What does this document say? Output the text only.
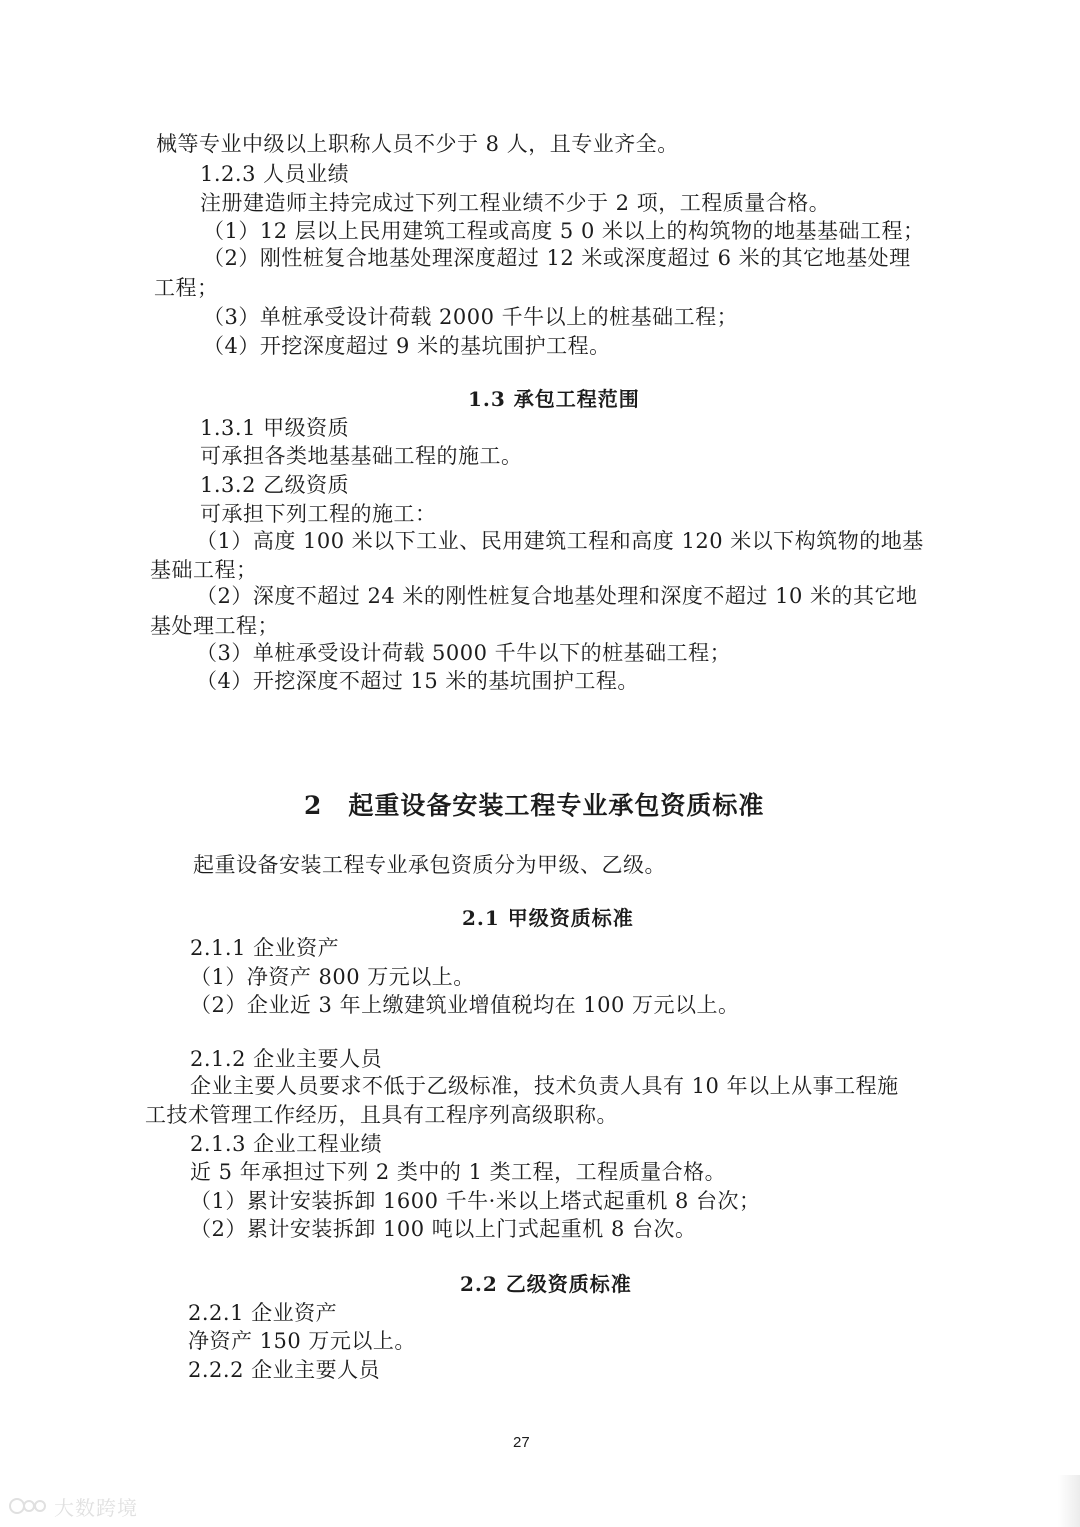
械等专业中级以上职称人员不少于 8 人，且专业齐全。
1.2.3 人员业绩
注册建造师主持完成过下列工程业绩不少于 2 项，工程质量合格。
（1）12 层以上民用建筑工程或高度 5 0 米以上的构筑物的地基基础工程；
（2）刚性桩复合地基处理深度超过 12 米或深度超过 6 米的其它地基处理
工程；
（3）单桩承受设计荷载 2000 千牛以上的桩基础工程；
（4）开挖深度超过 9 米的基坑围护工程。
1.3 承包工程范围
1.3.1 甲级资质
可承担各类地基基础工程的施工。
1.3.2 乙级资质
可承担下列工程的施工：
（1）高度 100 米以下工业、民用建筑工程和高度 120 米以下构筑物的地基
基础工程；
（2）深度不超过 24 米的刚性桩复合地基处理和深度不超过 10 米的其它地
基处理工程；
（3）单桩承受设计荷载 5000 千牛以下的桩基础工程；
（4）开挖深度不超过 15 米的基坑围护工程。
2　起重设备安装工程专业承包资质标准
起重设备安装工程专业承包资质分为甲级、乙级。
2.1 甲级资质标准
2.1.1 企业资产
（1）净资产 800 万元以上。
（2）企业近 3 年上缴建筑业增值税均在 100 万元以上。
2.1.2 企业主要人员
企业主要人员要求不低于乙级标准，技术负责人具有 10 年以上从事工程施
工技术管理工作经历，且具有工程序列高级职称。
2.1.3 企业工程业绩
近 5 年承担过下列 2 类中的 1 类工程，工程质量合格。
（1）累计安装拆卸 1600 千牛·米以上塔式起重机 8 台次；
（2）累计安装拆卸 100 吨以上门式起重机 8 台次。
2.2 乙级资质标准
2.2.1 企业资产
净资产 150 万元以上。
2.2.2 企业主要人员
27
大数跨境
